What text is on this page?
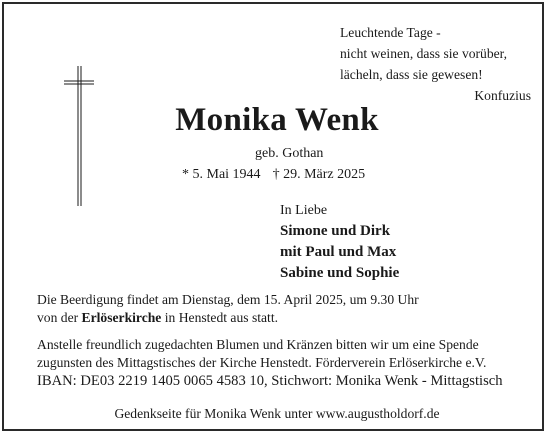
Leuchtende Tage -
nicht weinen, dass sie vorüber,
lächeln, dass sie gewesen!
Konfuzius
Monika Wenk
geb. Gothan
* 5. Mai 1944 † 29. März 2025
In Liebe
Simone und Dirk
mit Paul und Max
Sabine und Sophie
Die Beerdigung findet am Dienstag, dem 15. April 2025, um 9.30 Uhr
von der Erlöserkirche in Henstedt aus statt.
Anstelle freundlich zugedachten Blumen und Kränzen bitten wir um eine Spende
zugunsten des Mittagstisches der Kirche Henstedt. Förderverein Erlöserkirche e.V.
IBAN: DE03 2219 1405 0065 4583 10, Stichwort: Monika Wenk - Mittagstisch
Gedenkseite für Monika Wenk unter www.augustholdorf.de
